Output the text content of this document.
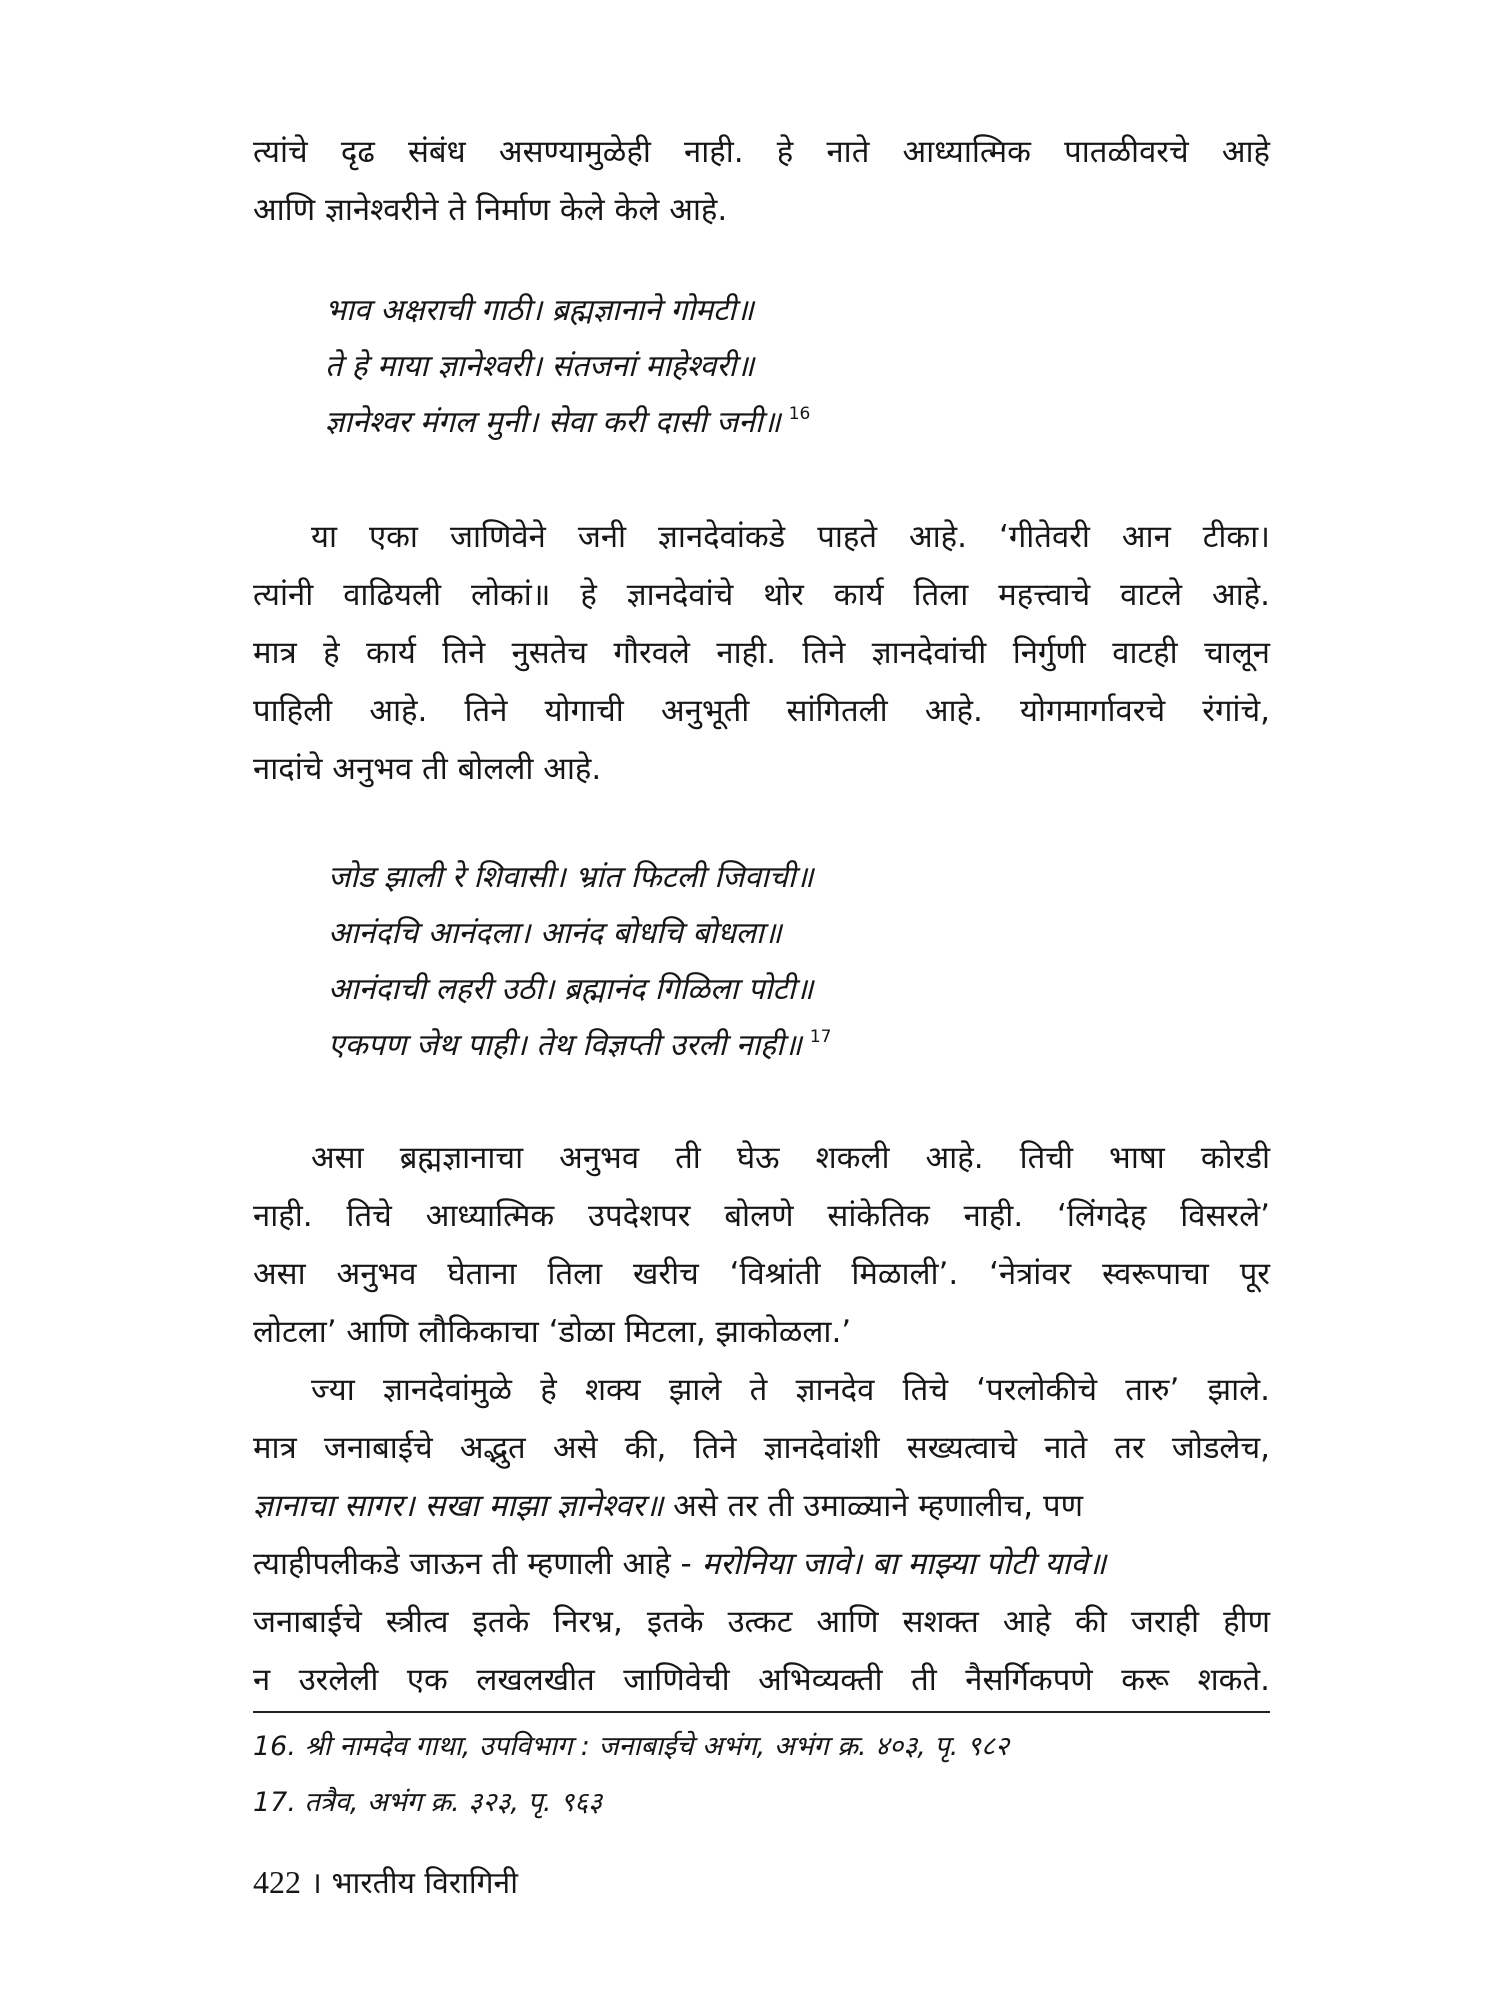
त्यांचे दृढ संबंध असण्यामुळेही नाही. हे नाते आध्यात्मिक पातळीवरचे आहे
आणि ज्ञानेश्वरीने ते निर्माण केले केले आहे.
भाव अक्षराची गाठी। ब्रह्मज्ञानाने गोमटी॥
ते हे माया ज्ञानेश्वरी। संतजनां माहेश्वरी॥
ज्ञानेश्वर मंगल मुनी। सेवा करी दासी जनी॥ $^{16}$
या एका जाणिवेने जनी ज्ञानदेवांकडे पाहते आहे. ‘गीतेवरी आन टीका।
त्यांनी वाढियली लोकां॥ हे ज्ञानदेवांचे थोर कार्य तिला महत्त्वाचे वाटले आहे.
मात्र हे कार्य तिने नुसतेच गौरवले नाही. तिने ज्ञानदेवांची निर्गुणी वाटही चालून
पाहिली आहे. तिने योगाची अनुभूती सांगितली आहे. योगमार्गावरचे रंगांचे,
नादांचे अनुभव ती बोलली आहे.
जोड झाली रे शिवासी। भ्रांत फिटली जिवाची॥
आनंदचि आनंदला। आनंद बोधचि बोधला॥
आनंदाची लहरी उठी। ब्रह्मानंद गिळिला पोटी॥
एकपण जेथ पाही। तेथ विज्ञप्ती उरली नाही॥ $^{17}$
असा ब्रह्मज्ञानाचा अनुभव ती घेऊ शकली आहे. तिची भाषा कोरडी
नाही. तिचे आध्यात्मिक उपदेशपर बोलणे सांकेतिक नाही. ‘लिंगदेह विसरले’
असा अनुभव घेताना तिला खरीच ‘विश्रांती मिळाली’. ‘नेत्रांवर स्वरूपाचा पूर
लोटला’ आणि लौकिकाचा ‘डोळा मिटला, झाकोळला.’
ज्या ज्ञानदेवांमुळे हे शक्य झाले ते ज्ञानदेव तिचे ‘परलोकीचे तारु’ झाले.
मात्र जनाबाईचे अद्भुत असे की, तिने ज्ञानदेवांशी सख्यत्वाचे नाते तर जोडलेच,
ज्ञानाचा सागर। सखा माझा ज्ञानेश्वर॥ असे तर ती उमाळ्याने म्हणालीच, पण
त्याहीपलीकडे जाऊन ती म्हणाली आहे - मरोनिया जावे। बा माझ्या पोटी यावे॥
जनाबाईचे स्त्रीत्व इतके निरभ्र, इतके उत्कट आणि सशक्त आहे की जराही हीण
न उरलेली एक लखलखीत जाणिवेची अभिव्यक्ती ती नैसर्गिकपणे करू शकते.
16. श्री नामदेव गाथा, उपविभाग : जनाबाईचे अभंग, अभंग क्र. ४०३, पृ. ९८२
17. तत्रैव, अभंग क्र. ३२३, पृ. ९६३
422 । भारतीय विरागिनी
